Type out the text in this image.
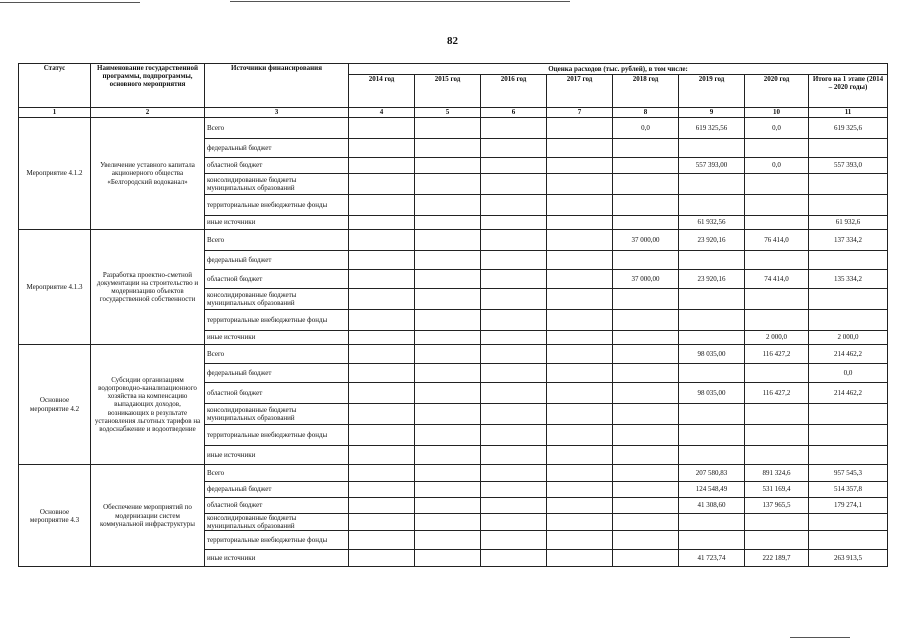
82
Статус	Наименование государственной программы, подпрограммы, основного мероприятия	Источники финансирования	Оценка расходов (тыс. рублей), в том числе:							
			2014 год	2015 год	2016 год	2017 год	2018 год	2019 год	2020 год	Итого на 1 этапе (2014 – 2020 годы)
1	2	3	4	5	6	7	8	9	10	11
Мероприятие 4.1.2	Увеличение уставного капитала акционерного общества «Белгородский водоканал»	Всего					0,0	619 325,56	0,0	619 325,6
		федеральный бюджет								
		областной бюджет						557 393,00	0,0	557 393,0
		консолидированные бюджеты муниципальных образований								
		территориальные внебюджетные фонды								
		иные источники						61 932,56		61 932,6
Мероприятие 4.1.3	Разработка проектно-сметной документации на строительство и модернизацию объектов государственной собственности	Всего					37 000,00	23 920,16	76 414,0	137 334,2
		федеральный бюджет								
		областной бюджет					37 000,00	23 920,16	74 414,0	135 334,2
		консолидированные бюджеты муниципальных образований								
		территориальные внебюджетные фонды								
		иные источники							2 000,0	2 000,0
Основное мероприятие 4.2	Субсидии организациям водопроводно-канализационного хозяйства на компенсацию выпадающих доходов, возникающих в результате установления льготных тарифов на водоснабжение и водоотведение	Всего						98 035,00	116 427,2	214 462,2
		федеральный бюджет								0,0
		областной бюджет						98 035,00	116 427,2	214 462,2
		консолидированные бюджеты муниципальных образований								
		территориальные внебюджетные фонды								
		иные источники								
Основное мероприятие 4.3	Обеспечение мероприятий по модернизации систем коммунальной инфраструктуры	Всего						207 580,83	891 324,6	957 545,3
		федеральный бюджет						124 548,49	531 169,4	514 357,8
		областной бюджет						41 308,60	137 965,5	179 274,1
		консолидированные бюджеты муниципальных образований								
		территориальные внебюджетные фонды								
		иные источники						41 723,74	222 189,7	263 913,5
